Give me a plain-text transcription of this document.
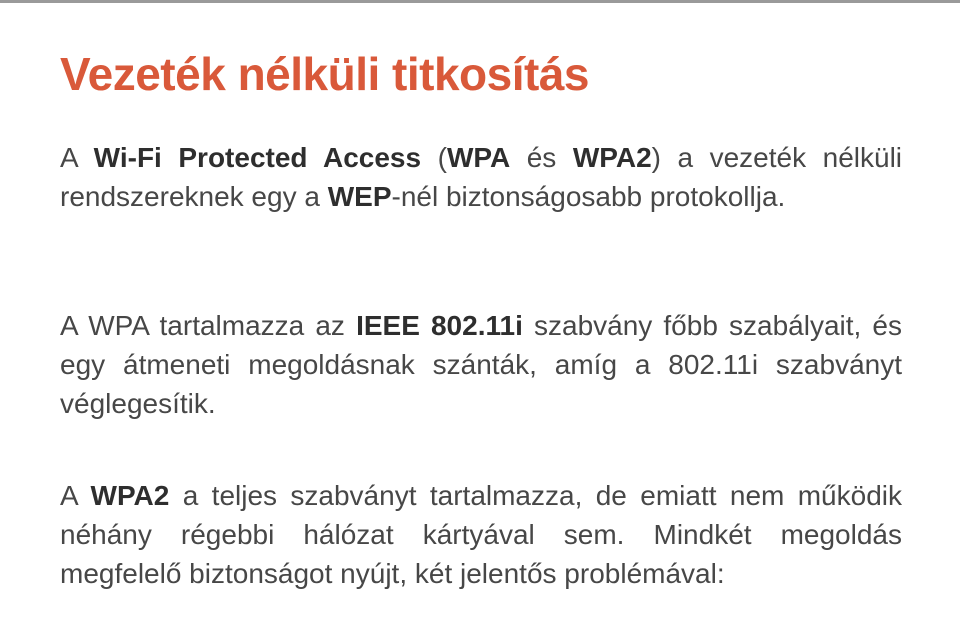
Vezeték nélküli titkosítás

A Wi-Fi Protected Access (WPA és WPA2) a vezeték nélküli rendszereknek egy a WEP-nél biztonságosabb protokollja.

A WPA tartalmazza az IEEE 802.11i szabvány főbb szabályait, és egy átmeneti megoldásnak szánták, amíg a 802.11i szabványt véglegesítik.

A WPA2 a teljes szabványt tartalmazza, de emiatt nem működik néhány régebbi hálózat kártyával sem. Mindkét megoldás megfelelő biztonságot nyújt, két jelentős problémával:
